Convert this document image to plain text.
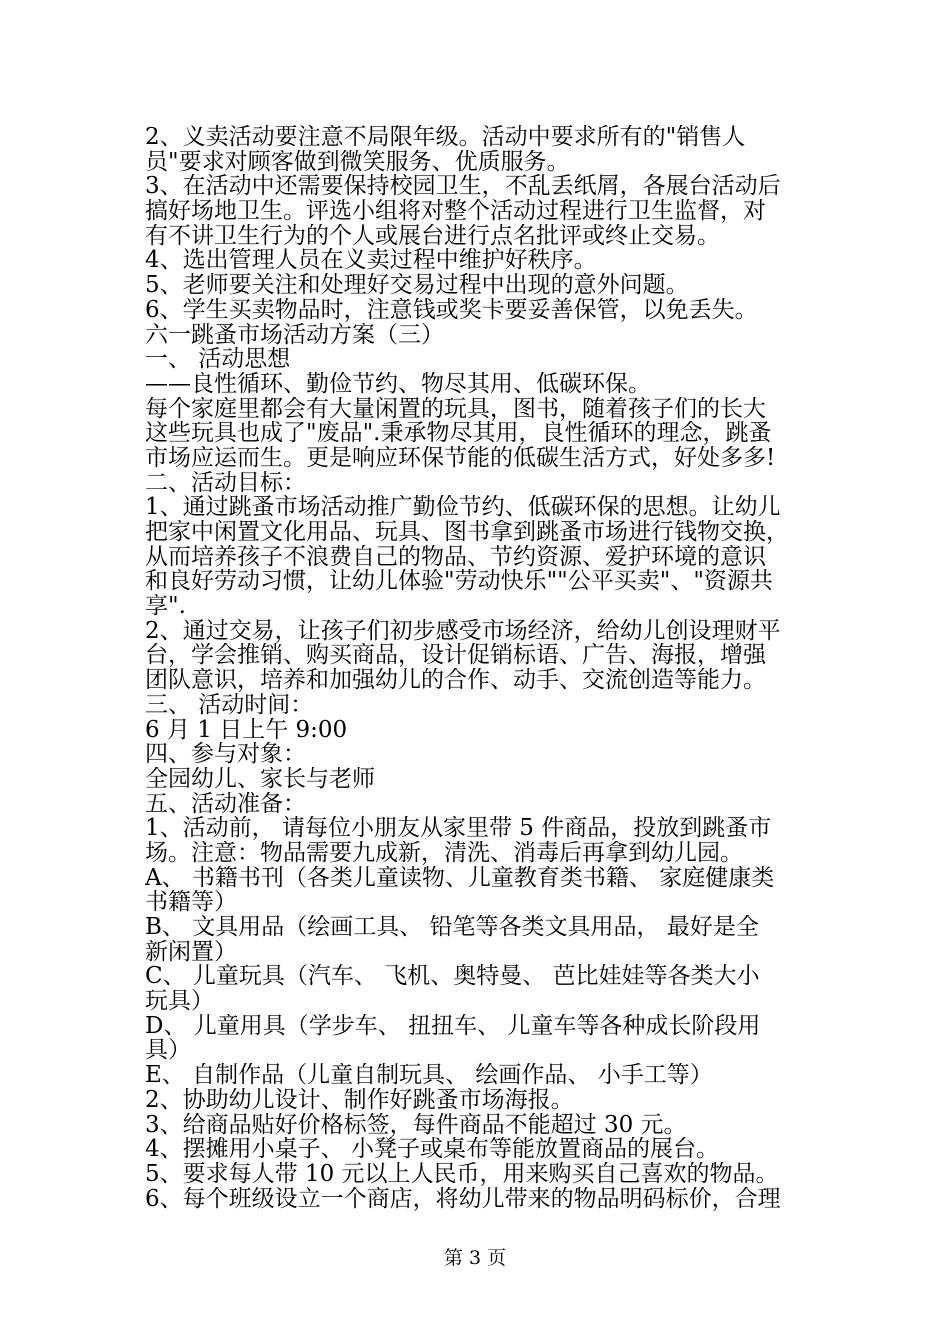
2、义卖活动要注意不局限年级。活动中要求所有的"销售人
员"要求对顾客做到微笑服务、优质服务。
3、在活动中还需要保持校园卫生，不乱丢纸屑，各展台活动后
搞好场地卫生。评选小组将对整个活动过程进行卫生监督，对
有不讲卫生行为的个人或展台进行点名批评或终止交易。
4、选出管理人员在义卖过程中维护好秩序。
5、老师要关注和处理好交易过程中出现的意外问题。
6、学生买卖物品时，注意钱或奖卡要妥善保管，以免丢失。
六一跳蚤市场活动方案（三）
一、 活动思想
——良性循环、勤俭节约、物尽其用、低碳环保。
每个家庭里都会有大量闲置的玩具，图书，随着孩子们的长大
这些玩具也成了"废品".秉承物尽其用，良性循环的理念，跳蚤
市场应运而生。更是响应环保节能的低碳生活方式，好处多多!
二、活动目标：
1、通过跳蚤市场活动推广勤俭节约、低碳环保的思想。让幼儿
把家中闲置文化用品、玩具、图书拿到跳蚤市场进行钱物交换，
从而培养孩子不浪费自己的物品、节约资源、爱护环境的意识
和良好劳动习惯，让幼儿体验"劳动快乐""公平买卖"、"资源共
享".
2、通过交易，让孩子们初步感受市场经济，给幼儿创设理财平
台，学会推销、购买商品，设计促销标语、广告、海报，增强
团队意识，培养和加强幼儿的合作、动手、交流创造等能力。
三、 活动时间：
6 月 1 日上午 9:00
四、参与对象：
全园幼儿、家长与老师
五、活动准备：
1、活动前， 请每位小朋友从家里带 5 件商品，投放到跳蚤市
场。注意：物品需要九成新，清洗、消毒后再拿到幼儿园。
A、 书籍书刊（各类儿童读物、儿童教育类书籍、 家庭健康类
书籍等）
B、 文具用品（绘画工具、 铅笔等各类文具用品， 最好是全
新闲置）
C、 儿童玩具（汽车、 飞机、奥特曼、 芭比娃娃等各类大小
玩具）
D、 儿童用具（学步车、 扭扭车、 儿童车等各种成长阶段用
具）
E、 自制作品（儿童自制玩具、 绘画作品、 小手工等）
2、协助幼儿设计、制作好跳蚤市场海报。
3、给商品贴好价格标签，每件商品不能超过 30 元。
4、摆摊用小桌子、 小凳子或桌布等能放置商品的展台。
5、要求每人带 10 元以上人民币，用来购买自己喜欢的物品。
6、每个班级设立一个商店，将幼儿带来的物品明码标价，合理
第 3 页
